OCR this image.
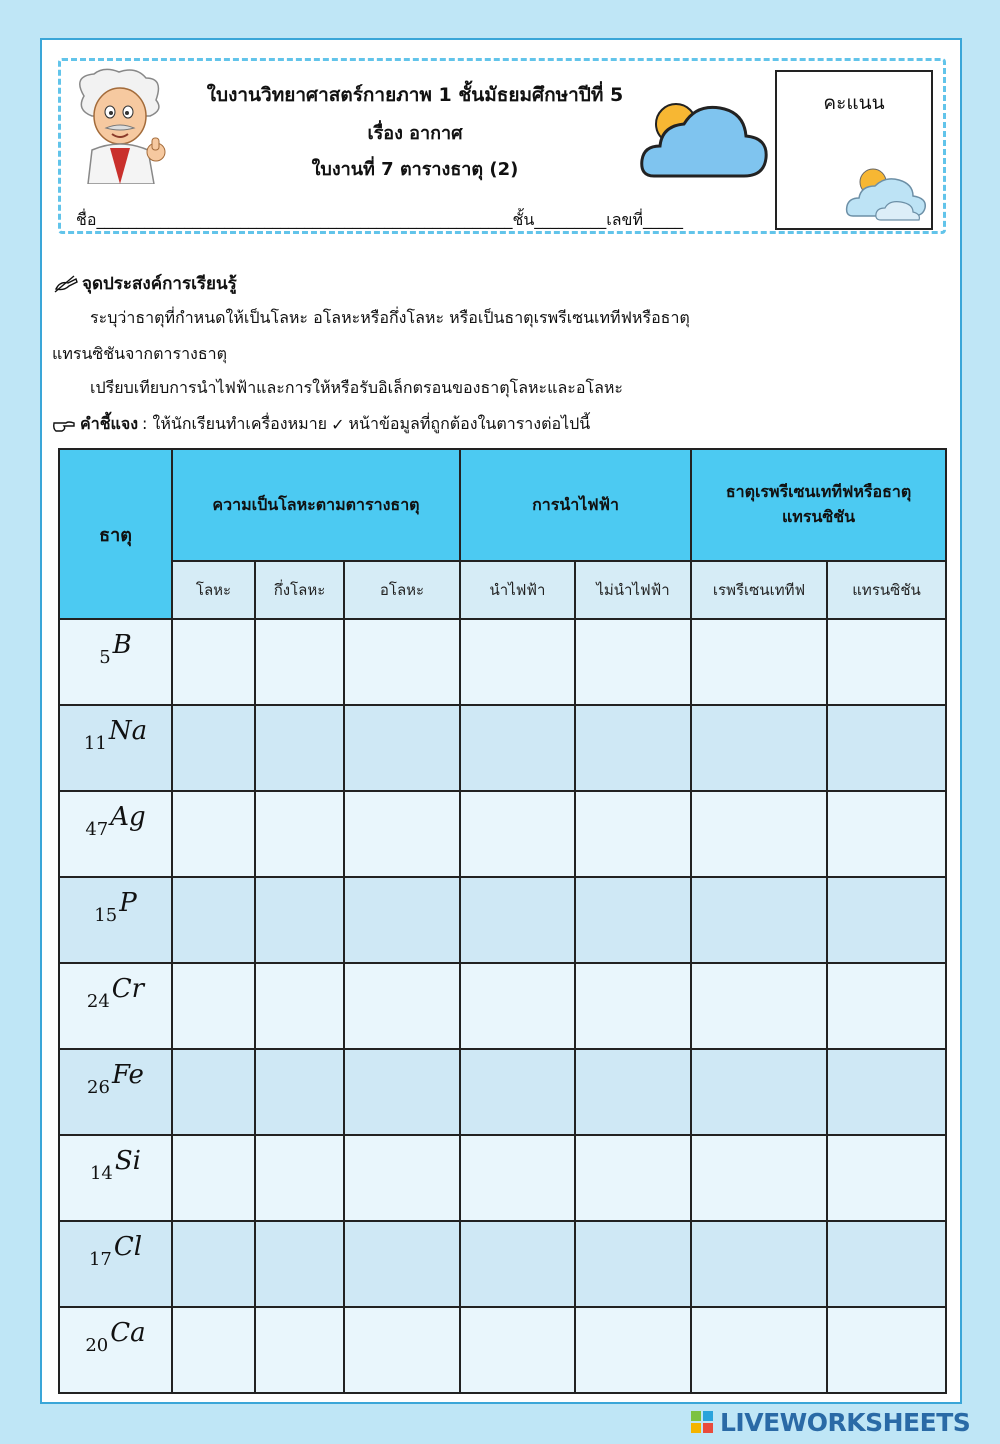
ใบงานวิทยาศาสตร์กายภาพ 1 ชั้นมัธยมศึกษาปีที่ 5
เรื่อง อากาศ
ใบงานที่ 7 ตารางธาตุ (2)
คะแนน
ชื่อ____________________________________________________ชั้น_________เลขที่_____
จุดประสงค์การเรียนรู้
ระบุว่าธาตุที่กำหนดให้เป็นโลหะ อโลหะหรือกึ่งโลหะ หรือเป็นธาตุเรพรีเซนเททีฟหรือธาตุ
แทรนซิชันจากตารางธาตุ
เปรียบเทียบการนำไฟฟ้าและการให้หรือรับอิเล็กตรอนของธาตุโลหะและอโลหะ
คำชี้แจง : ให้นักเรียนทำเครื่องหมาย ✓ หน้าข้อมูลที่ถูกต้องในตารางต่อไปนี้
ธาตุ	ความเป็นโลหะตามตารางธาตุ			การนำไฟฟ้า		ธาตุเรพรีเซนเททีฟหรือธาตุ
แทรนซิชัน	

	โลหะ	กึ่งโลหะ	อโลหะ	นำไฟฟ้า	ไม่นำไฟฟ้า	เรพรีเซนเททีฟ	แทรนซิชัน
$_5$B							
$_{11}$Na							
$_{47}$Ag							
$_{15}$P							
$_{24}$Cr							
$_{26}$Fe							
$_{14}$Si							
$_{17}$Cl							
$_{20}$Ca							
LIVEWORKSHEETS
